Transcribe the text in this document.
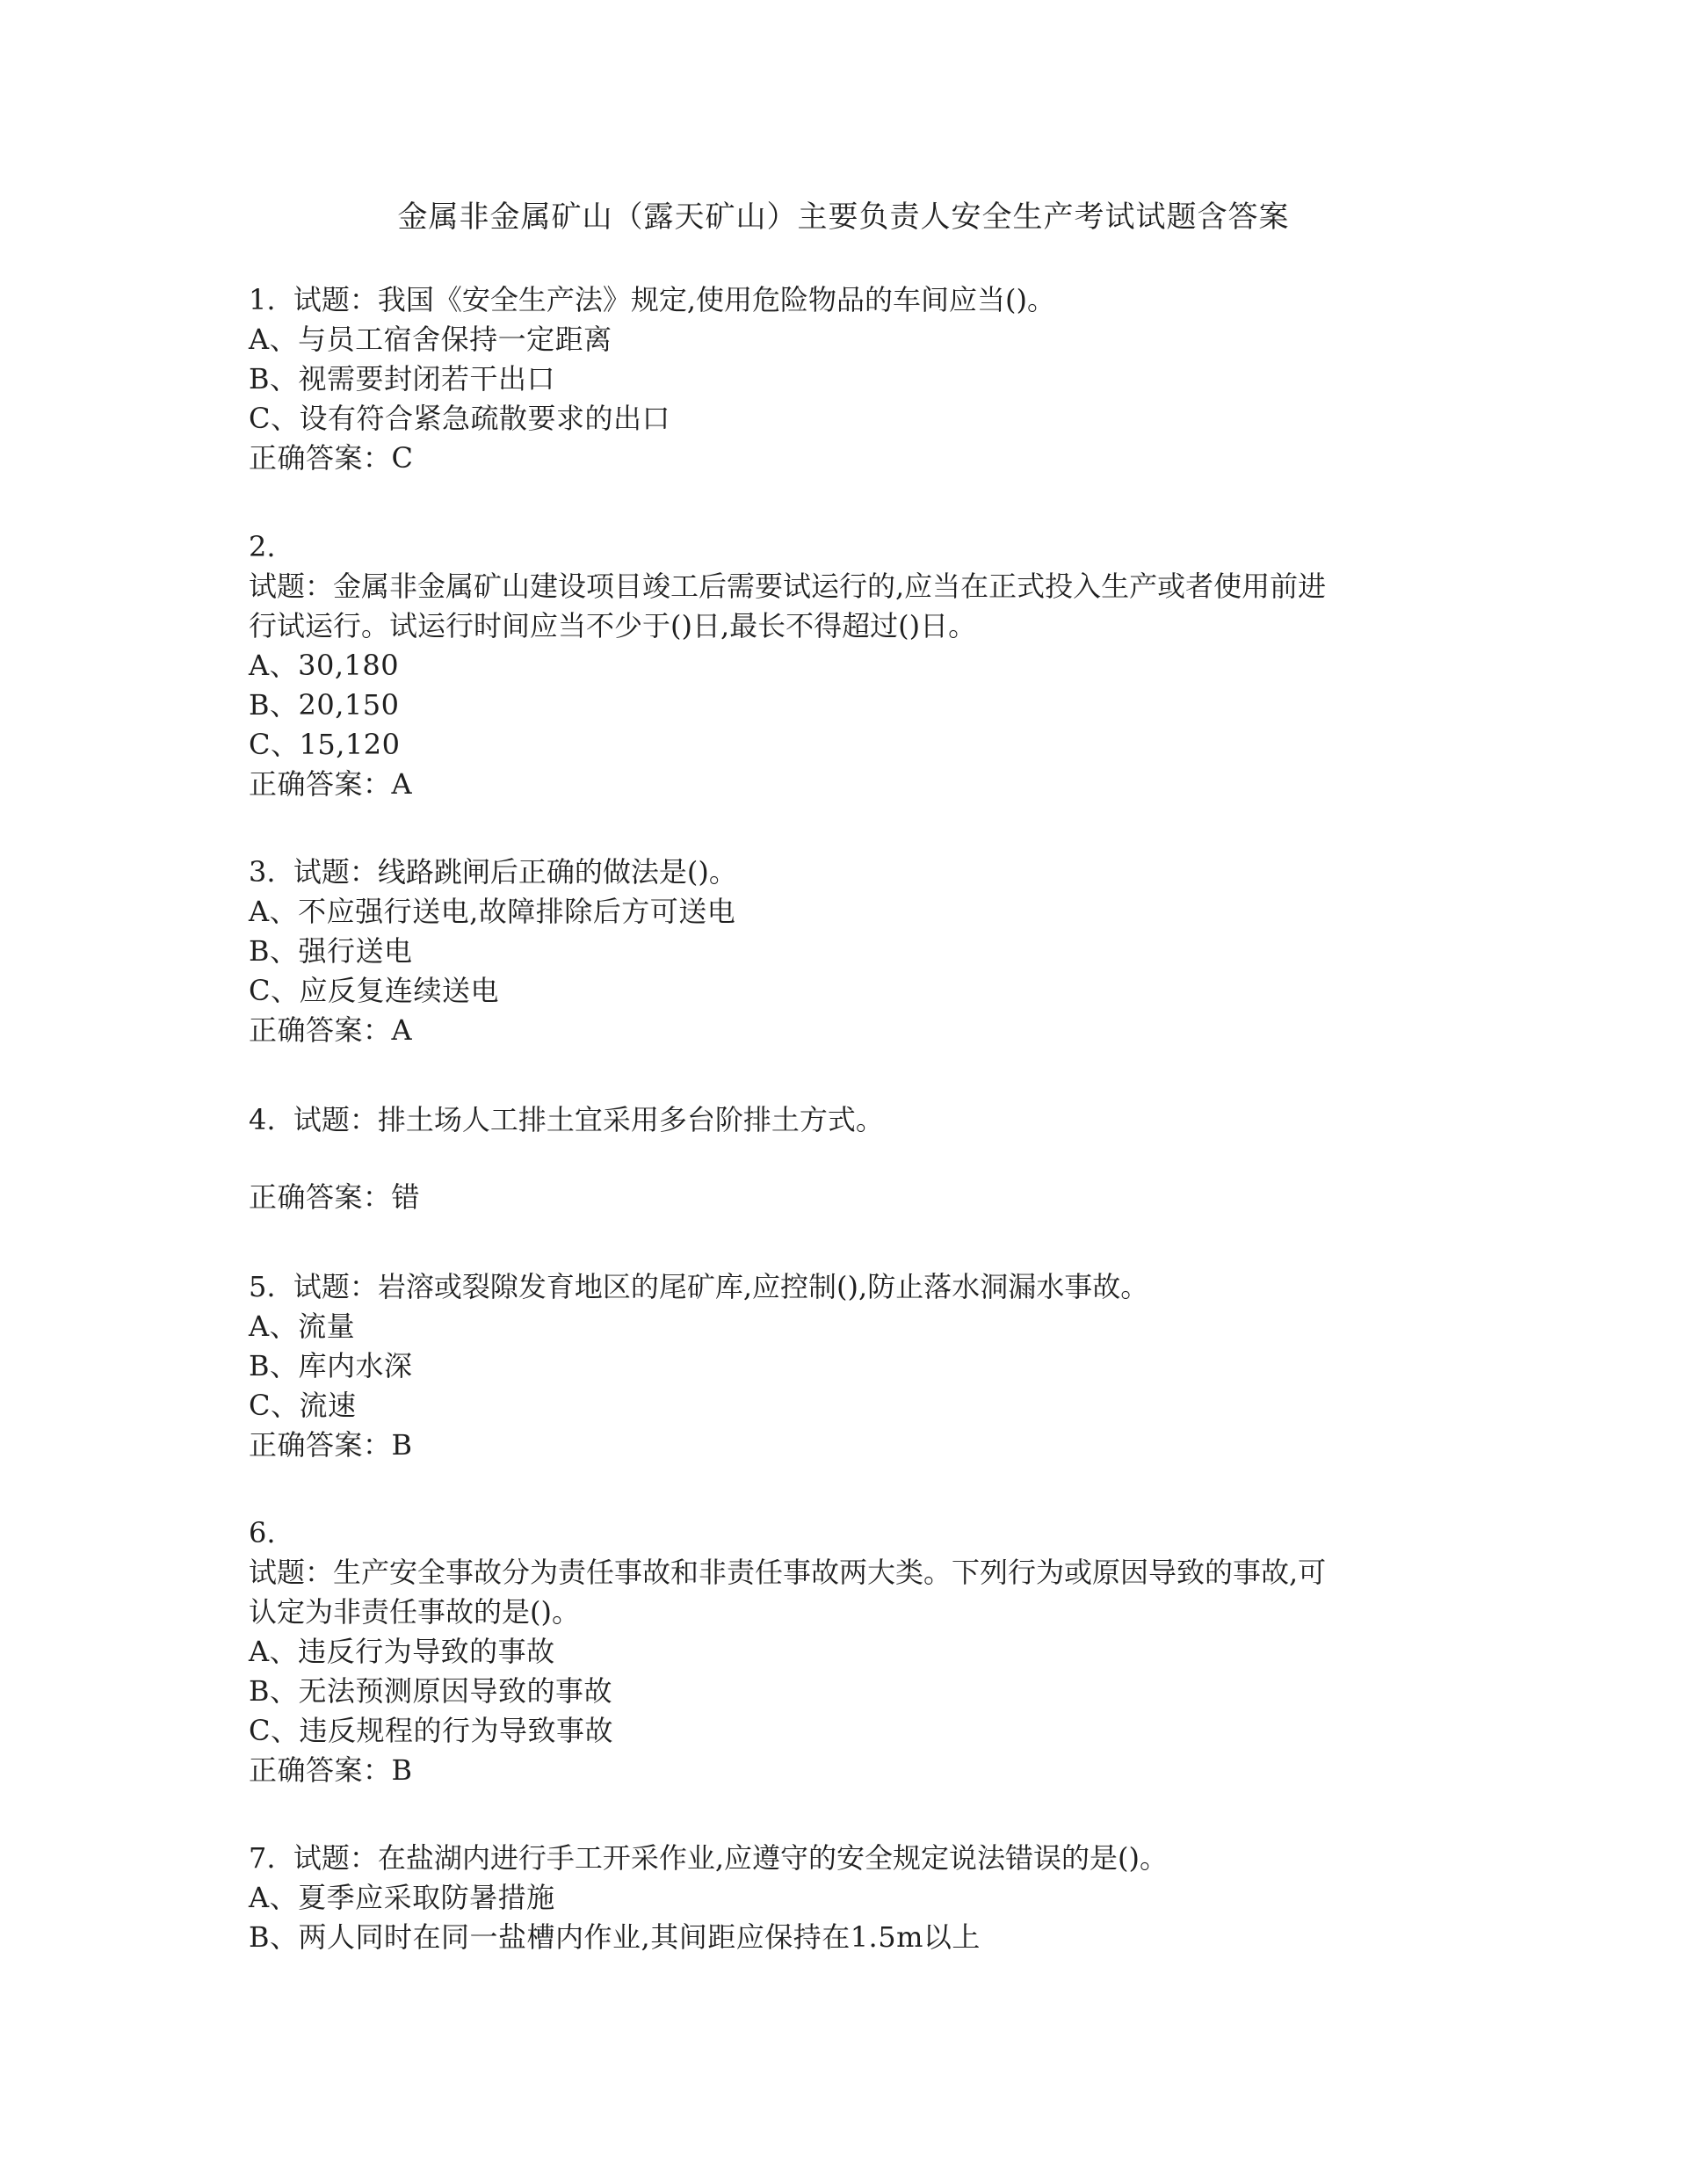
金属非金属矿山（露天矿山）主要负责人安全生产考试试题含答案

1. 试题：我国《安全生产法》规定,使用危险物品的车间应当()。

A、与员工宿舍保持一定距离

B、视需要封闭若干出口

C、设有符合紧急疏散要求的出口

正确答案：C

2.

试题：金属非金属矿山建设项目竣工后需要试运行的,应当在正式投入生产或者使用前进

行试运行。试运行时间应当不少于()日,最长不得超过()日。

A、30,180

B、20,150

C、15,120

正确答案：A

3. 试题：线路跳闸后正确的做法是()。

A、不应强行送电,故障排除后方可送电

B、强行送电

C、应反复连续送电

正确答案：A

4. 试题：排土场人工排土宜采用多台阶排土方式。

正确答案：错

5. 试题：岩溶或裂隙发育地区的尾矿库,应控制(),防止落水洞漏水事故。

A、流量

B、库内水深

C、流速

正确答案：B

6.

试题：生产安全事故分为责任事故和非责任事故两大类。下列行为或原因导致的事故,可

认定为非责任事故的是()。

A、违反行为导致的事故

B、无法预测原因导致的事故

C、违反规程的行为导致事故

正确答案：B

7. 试题：在盐湖内进行手工开采作业,应遵守的安全规定说法错误的是()。

A、夏季应采取防暑措施

B、两人同时在同一盐槽内作业,其间距应保持在1.5m以上
